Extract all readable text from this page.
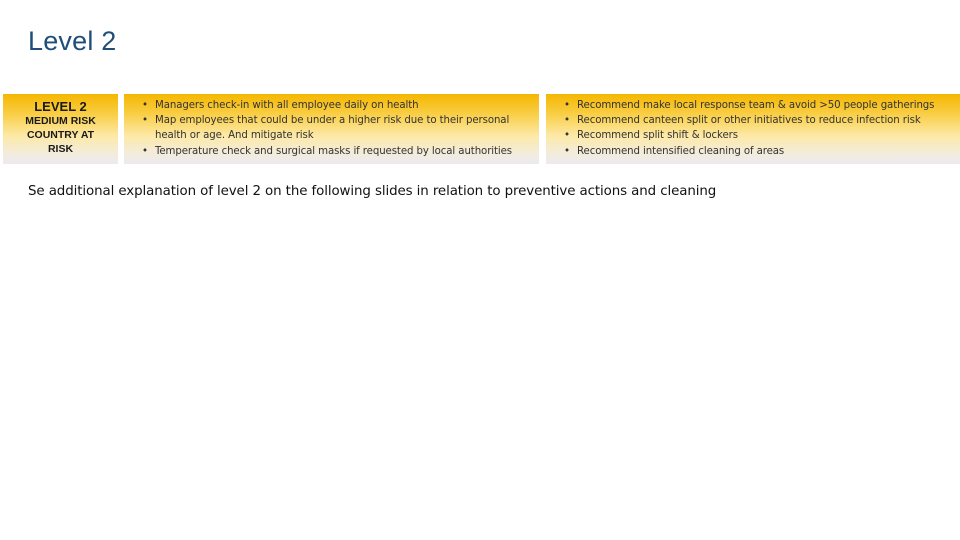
Level 2
LEVEL 2
MEDIUM RISK
COUNTRY AT
RISK
• Managers check-in with all employee daily on health
• Map employees that could be under a higher risk due to their personal health or age. And mitigate risk
• Temperature check and surgical masks if requested by local authorities
• Recommend make local response team & avoid >50 people gatherings
• Recommend canteen split or other initiatives to reduce infection risk
• Recommend split shift & lockers
• Recommend intensified cleaning of areas
Se additional explanation of level 2 on the following slides in relation to preventive actions and cleaning
